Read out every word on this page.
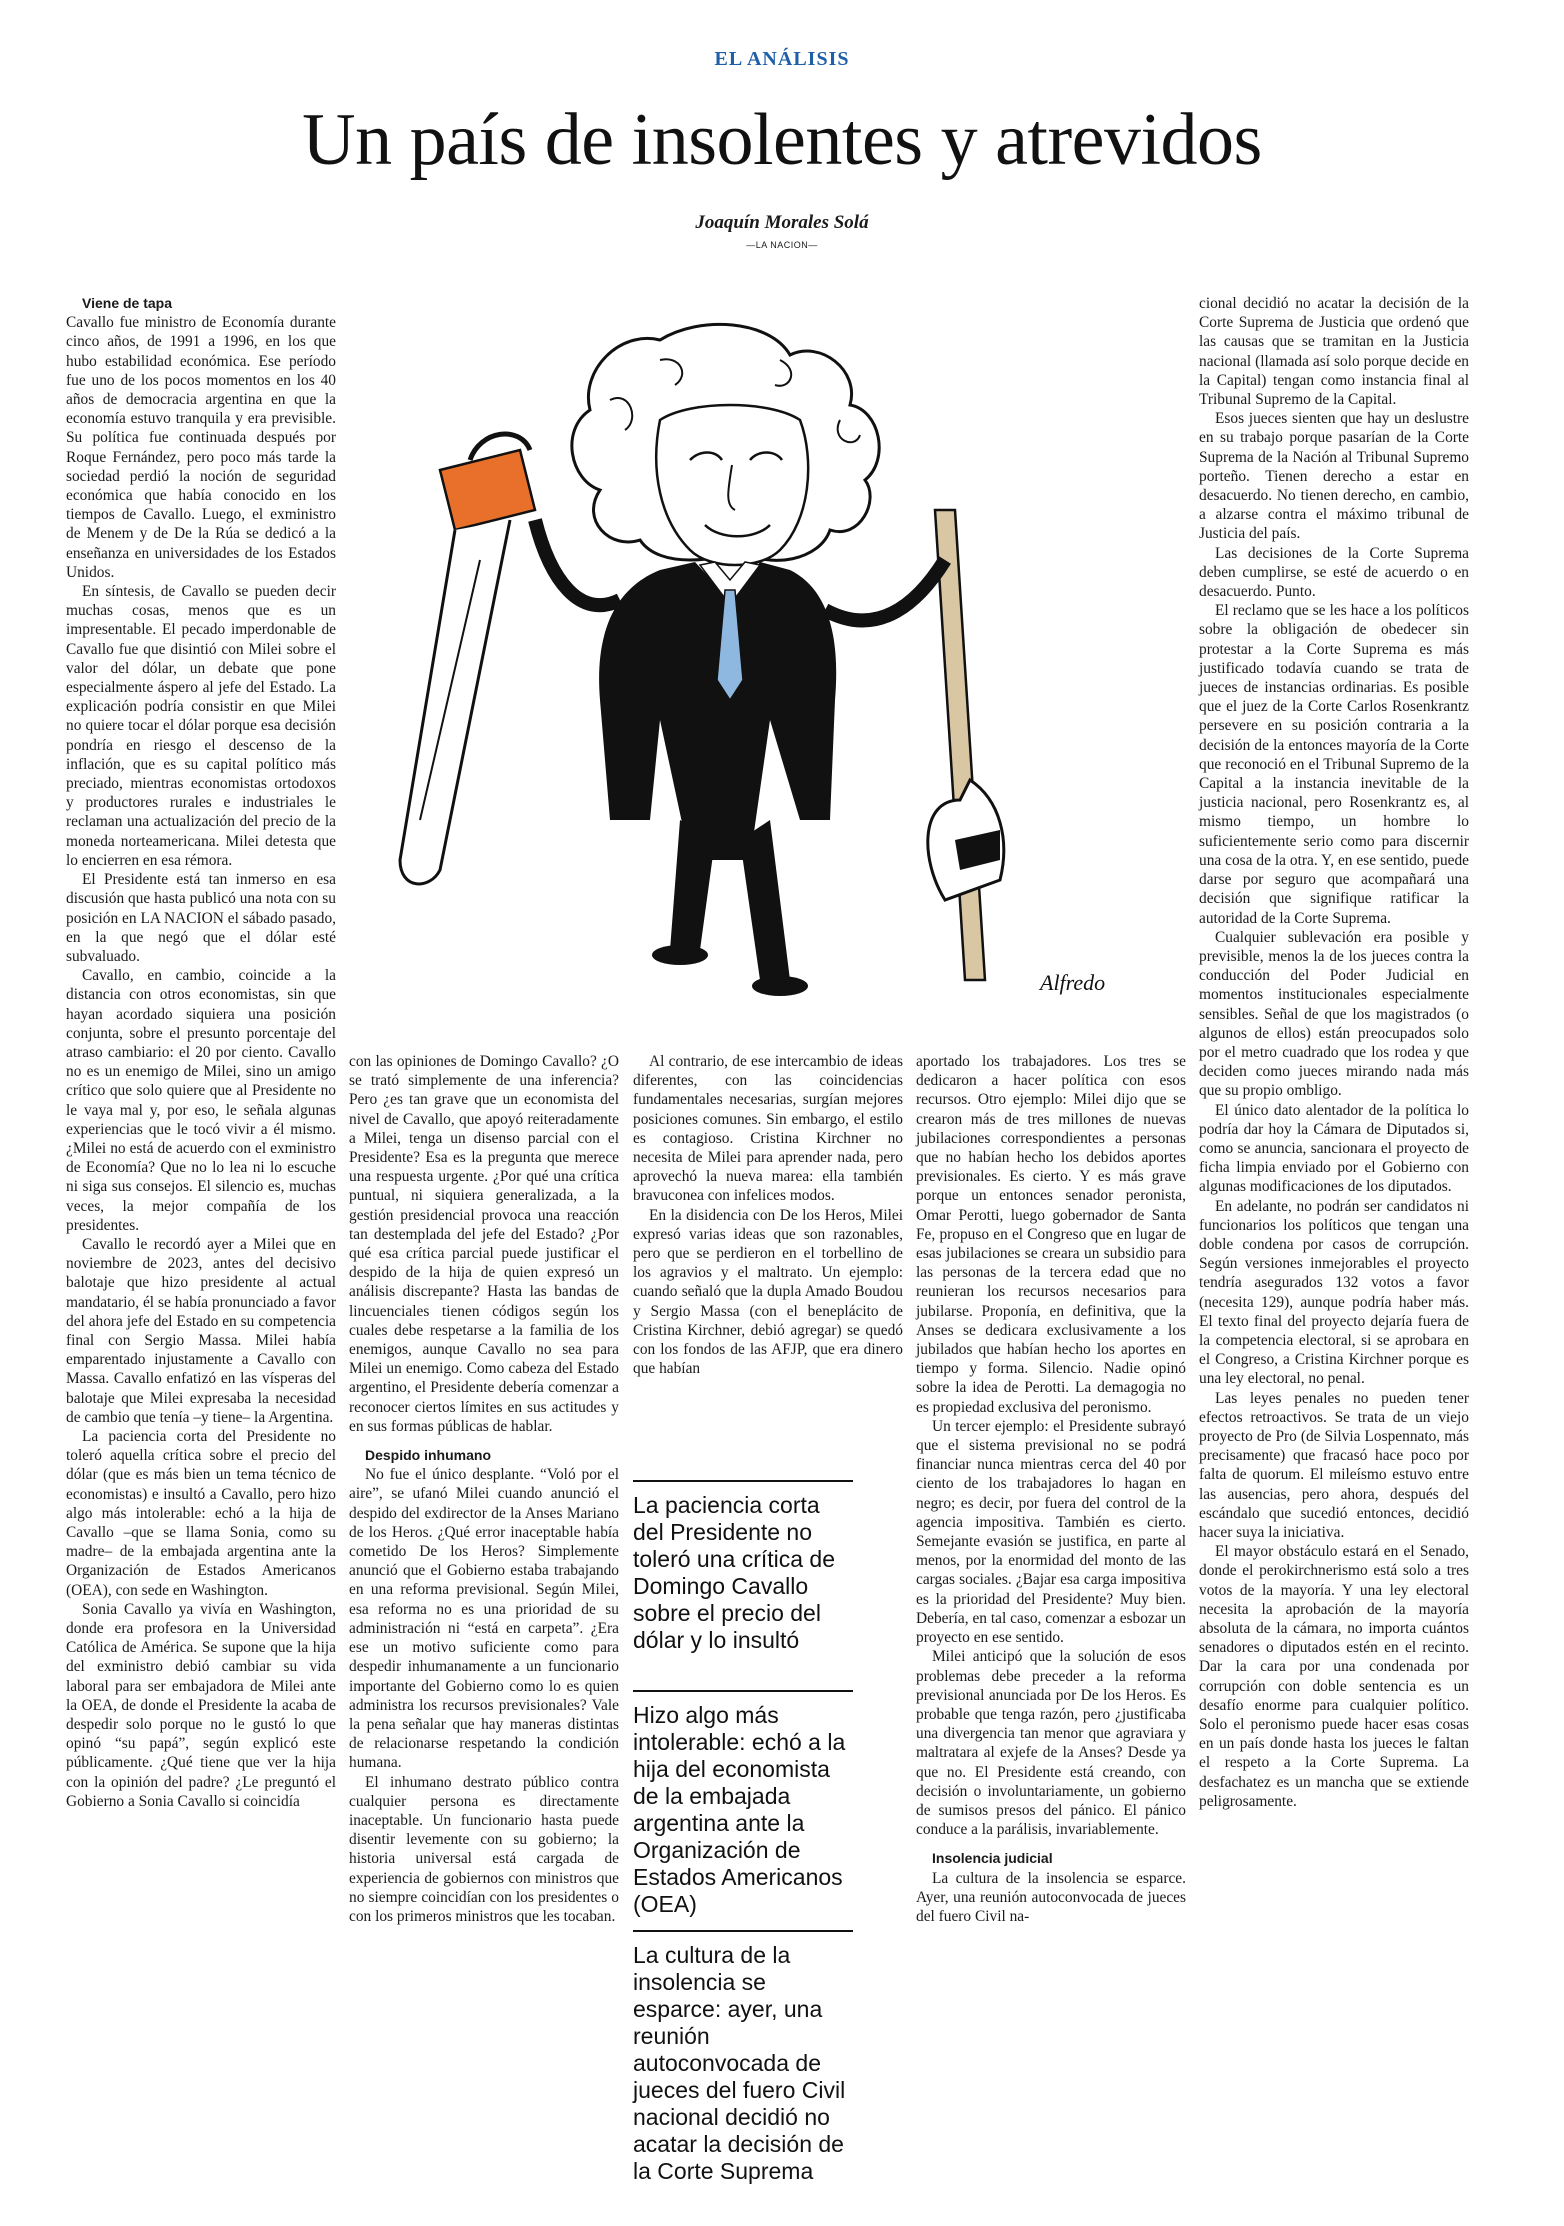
EL ANÁLISIS
Un país de insolentes y atrevidos
Joaquín Morales Solá
—LA NACION—

Viene de tapa

Cavallo fue ministro de Economía durante cinco años, de 1991 a 1996, en los que hubo estabilidad económica. Ese período fue uno de los pocos momentos en los 40 años de democracia argentina en que la economía estuvo tranquila y era previsible. Su política fue continuada después por Roque Fernández, pero poco más tarde la sociedad perdió la noción de seguridad económica que había conocido en los tiempos de Cavallo. Luego, el exministro de Menem y de De la Rúa se dedicó a la enseñanza en universidades de los Estados Unidos.

En síntesis, de Cavallo se pueden decir muchas cosas, menos que es un impresentable. El pecado imperdonable de Cavallo fue que disintió con Milei sobre el valor del dólar, un debate que pone especialmente áspero al jefe del Estado. La explicación podría consistir en que Milei no quiere tocar el dólar porque esa decisión pondría en riesgo el descenso de la inflación, que es su capital político más preciado, mientras economistas ortodoxos y productores rurales e industriales le reclaman una actualización del precio de la moneda norteamericana. Milei detesta que lo encierren en esa rémora.

El Presidente está tan inmerso en esa discusión que hasta publicó una nota con su posición en LA NACION el sábado pasado, en la que negó que el dólar esté subvaluado.

Cavallo, en cambio, coincide a la distancia con otros economistas, sin que hayan acordado siquiera una posición conjunta, sobre el presunto porcentaje del atraso cambiario: el 20 por ciento. Cavallo no es un enemigo de Milei, sino un amigo crítico que solo quiere que al Presidente no le vaya mal y, por eso, le señala algunas experiencias que le tocó vivir a él mismo. ¿Milei no está de acuerdo con el exministro de Economía? Que no lo lea ni lo escuche ni siga sus consejos. El silencio es, muchas veces, la mejor compañía de los presidentes.

Cavallo le recordó ayer a Milei que en noviembre de 2023, antes del decisivo balotaje que hizo presidente al actual mandatario, él se había pronunciado a favor del ahora jefe del Estado en su competencia final con Sergio Massa. Milei había emparentado injustamente a Cavallo con Massa. Cavallo enfatizó en las vísperas del balotaje que Milei expresaba la necesidad de cambio que tenía –y tiene– la Argentina.

La paciencia corta del Presidente no toleró aquella crítica sobre el precio del dólar (que es más bien un tema técnico de economistas) e insultó a Cavallo, pero hizo algo más intolerable: echó a la hija de Cavallo –que se llama Sonia, como su madre– de la embajada argentina ante la Organización de Estados Americanos (OEA), con sede en Washington.

Sonia Cavallo ya vivía en Washington, donde era profesora en la Universidad Católica de América. Se supone que la hija del exministro debió cambiar su vida laboral para ser embajadora de Milei ante la OEA, de donde el Presidente la acaba de despedir solo porque no le gustó lo que opinó “su papá”, según explicó este públicamente. ¿Qué tiene que ver la hija con la opinión del padre? ¿Le preguntó el Gobierno a Sonia Cavallo si coincidía

Alfredo

con las opiniones de Domingo Cavallo? ¿O se trató simplemente de una inferencia? Pero ¿es tan grave que un economista del nivel de Cavallo, que apoyó reiteradamente a Milei, tenga un disenso parcial con el Presidente? Esa es la pregunta que merece una respuesta urgente. ¿Por qué una crítica puntual, ni siquiera generalizada, a la gestión presidencial provoca una reacción tan destemplada del jefe del Estado? ¿Por qué esa crítica parcial puede justificar el despido de la hija de quien expresó un análisis discrepante? Hasta las bandas de lincuenciales tienen códigos según los cuales debe respetarse a la familia de los enemigos, aunque Cavallo no sea para Milei un enemigo. Como cabeza del Estado argentino, el Presidente debería comenzar a reconocer ciertos límites en sus actitudes y en sus formas públicas de hablar.

Despido inhumano

No fue el único desplante. “Voló por el aire”, se ufanó Milei cuando anunció el despido del exdirector de la Anses Mariano de los Heros. ¿Qué error inaceptable había cometido De los Heros? Simplemente anunció que el Gobierno estaba trabajando en una reforma previsional. Según Milei, esa reforma no es una prioridad de su administración ni “está en carpeta”. ¿Era ese un motivo suficiente como para despedir inhumanamente a un funcionario importante del Gobierno como lo es quien administra los recursos previsionales? Vale la pena señalar que hay maneras distintas de relacionarse respetando la condición humana.

El inhumano destrato público contra cualquier persona es directamente inaceptable. Un funcionario hasta puede disentir levemente con su gobierno; la historia universal está cargada de experiencia de gobiernos con ministros que no siempre coincidían con los presidentes o con los primeros ministros que les tocaban.

Al contrario, de ese intercambio de ideas diferentes, con las coincidencias fundamentales necesarias, surgían mejores posiciones comunes. Sin embargo, el estilo es contagioso. Cristina Kirchner no necesita de Milei para aprender nada, pero aprovechó la nueva marea: ella también bravuconea con infelices modos.

En la disidencia con De los Heros, Milei expresó varias ideas que son razonables, pero que se perdieron en el torbellino de los agravios y el maltrato. Un ejemplo: cuando señaló que la dupla Amado Boudou y Sergio Massa (con el beneplácito de Cristina Kirchner, debió agregar) se quedó con los fondos de las AFJP, que era dinero que habían

La paciencia corta del Presidente no toleró una crítica de Domingo Cavallo sobre el precio del dólar y lo insultó
Hizo algo más intolerable: echó a la hija del economista de la embajada argentina ante la Organización de Estados Americanos (OEA)
La cultura de la insolencia se esparce: ayer, una reunión autoconvocada de jueces del fuero Civil nacional decidió no acatar la decisión de la Corte Suprema

aportado los trabajadores. Los tres se dedicaron a hacer política con esos recursos. Otro ejemplo: Milei dijo que se crearon más de tres millones de nuevas jubilaciones correspondientes a personas que no habían hecho los debidos aportes previsionales. Es cierto. Y es más grave porque un entonces senador peronista, Omar Perotti, luego gobernador de Santa Fe, propuso en el Congreso que en lugar de esas jubilaciones se creara un subsidio para las personas de la tercera edad que no reunieran los recursos necesarios para jubilarse. Proponía, en definitiva, que la Anses se dedicara exclusivamente a los jubilados que habían hecho los aportes en tiempo y forma. Silencio. Nadie opinó sobre la idea de Perotti. La demagogia no es propiedad exclusiva del peronismo.

Un tercer ejemplo: el Presidente subrayó que el sistema previsional no se podrá financiar nunca mientras cerca del 40 por ciento de los trabajadores lo hagan en negro; es decir, por fuera del control de la agencia impositiva. También es cierto. Semejante evasión se justifica, en parte al menos, por la enormidad del monto de las cargas sociales. ¿Bajar esa carga impositiva es la prioridad del Presidente? Muy bien. Debería, en tal caso, comenzar a esbozar un proyecto en ese sentido.

Milei anticipó que la solución de esos problemas debe preceder a la reforma previsional anunciada por De los Heros. Es probable que tenga razón, pero ¿justificaba una divergencia tan menor que agraviara y maltratara al exjefe de la Anses? Desde ya que no. El Presidente está creando, con decisión o involuntariamente, un gobierno de sumisos presos del pánico. El pánico conduce a la parálisis, invariablemente.

Insolencia judicial

La cultura de la insolencia se esparce. Ayer, una reunión autoconvocada de jueces del fuero Civil na-

cional decidió no acatar la decisión de la Corte Suprema de Justicia que ordenó que las causas que se tramitan en la Justicia nacional (llamada así solo porque decide en la Capital) tengan como instancia final al Tribunal Supremo de la Capital.

Esos jueces sienten que hay un deslustre en su trabajo porque pasarían de la Corte Suprema de la Nación al Tribunal Supremo porteño. Tienen derecho a estar en desacuerdo. No tienen derecho, en cambio, a alzarse contra el máximo tribunal de Justicia del país.

Las decisiones de la Corte Suprema deben cumplirse, se esté de acuerdo o en desacuerdo. Punto.

El reclamo que se les hace a los políticos sobre la obligación de obedecer sin protestar a la Corte Suprema es más justificado todavía cuando se trata de jueces de instancias ordinarias. Es posible que el juez de la Corte Carlos Rosenkrantz persevere en su posición contraria a la decisión de la entonces mayoría de la Corte que reconoció en el Tribunal Supremo de la Capital a la instancia inevitable de la justicia nacional, pero Rosenkrantz es, al mismo tiempo, un hombre lo suficientemente serio como para discernir una cosa de la otra. Y, en ese sentido, puede darse por seguro que acompañará una decisión que signifique ratificar la autoridad de la Corte Suprema.

Cualquier sublevación era posible y previsible, menos la de los jueces contra la conducción del Poder Judicial en momentos institucionales especialmente sensibles. Señal de que los magistrados (o algunos de ellos) están preocupados solo por el metro cuadrado que los rodea y que deciden como jueces mirando nada más que su propio ombligo.

El único dato alentador de la política lo podría dar hoy la Cámara de Diputados si, como se anuncia, sancionara el proyecto de ficha limpia enviado por el Gobierno con algunas modificaciones de los diputados.

En adelante, no podrán ser candidatos ni funcionarios los políticos que tengan una doble condena por casos de corrupción. Según versiones inmejorables el proyecto tendría asegurados 132 votos a favor (necesita 129), aunque podría haber más. El texto final del proyecto dejaría fuera de la competencia electoral, si se aprobara en el Congreso, a Cristina Kirchner porque es una ley electoral, no penal.

Las leyes penales no pueden tener efectos retroactivos. Se trata de un viejo proyecto de Pro (de Silvia Lospennato, más precisamente) que fracasó hace poco por falta de quorum. El mileísmo estuvo entre las ausencias, pero ahora, después del escándalo que sucedió entonces, decidió hacer suya la iniciativa.

El mayor obstáculo estará en el Senado, donde el perokirchnerismo está solo a tres votos de la mayoría. Y una ley electoral necesita la aprobación de la mayoría absoluta de la cámara, no importa cuántos senadores o diputados estén en el recinto. Dar la cara por una condenada por corrupción con doble sentencia es un desafío enorme para cualquier político. Solo el peronismo puede hacer esas cosas en un país donde hasta los jueces le faltan el respeto a la Corte Suprema. La desfachatez es un mancha que se extiende peligrosamente.
